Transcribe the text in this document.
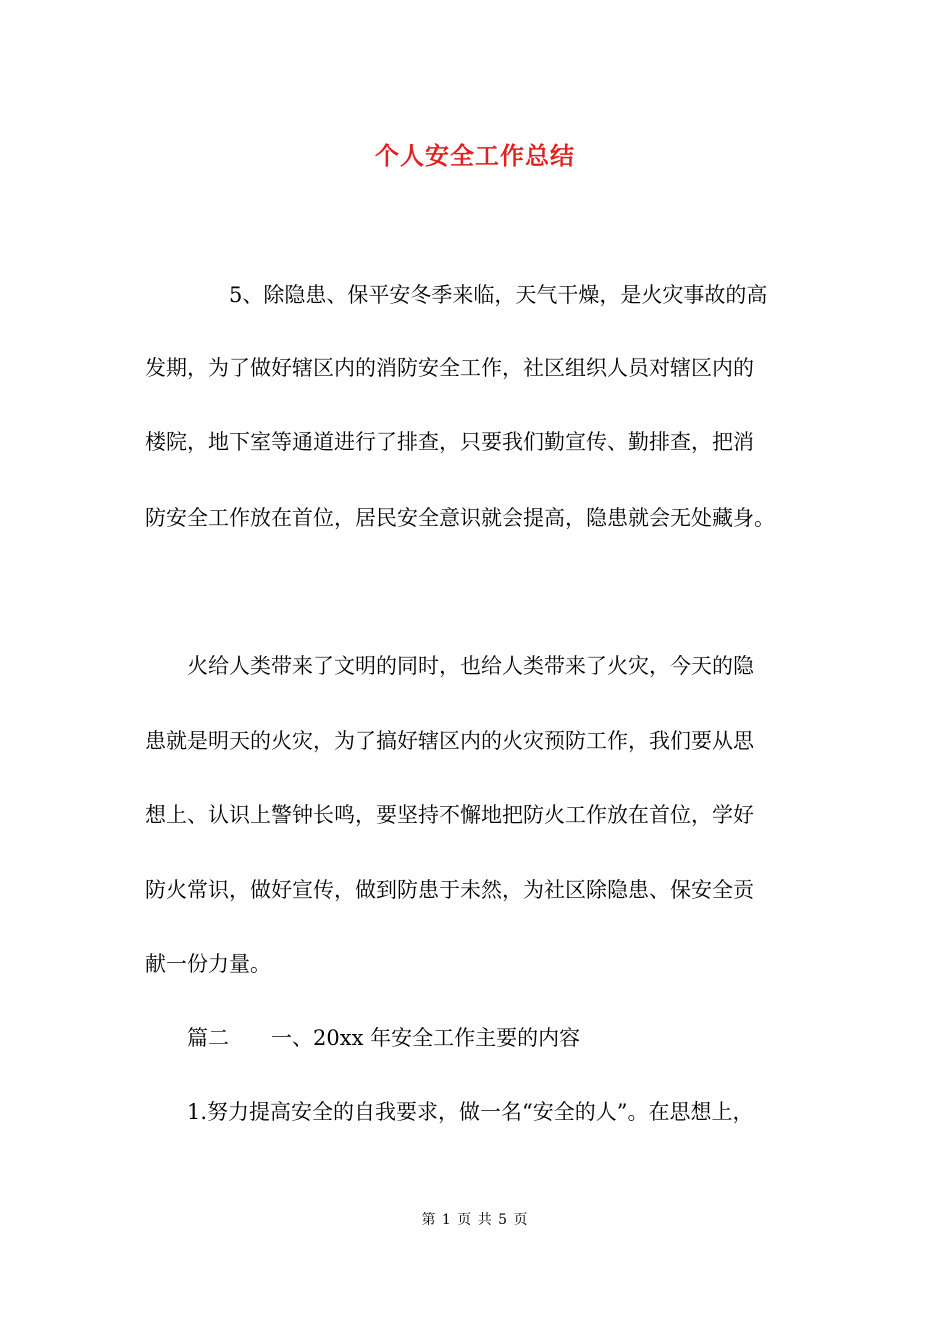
个人安全工作总结
　　　　5、除隐患、保平安冬季来临，天气干燥，是火灾事故的高
发期，为了做好辖区内的消防安全工作，社区组织人员对辖区内的
楼院，地下室等通道进行了排查，只要我们勤宣传、勤排查，把消
防安全工作放在首位，居民安全意识就会提高，隐患就会无处藏身。
　　火给人类带来了文明的同时，也给人类带来了火灾，今天的隐
患就是明天的火灾，为了搞好辖区内的火灾预防工作，我们要从思
想上、认识上警钟长鸣，要坚持不懈地把防火工作放在首位，学好
防火常识，做好宣传，做到防患于未然，为社区除隐患、保安全贡
献一份力量。
　　篇二　　一、20xx 年安全工作主要的内容
　　1.努力提高安全的自我要求，做一名“安全的人”。在思想上，
第 1 页 共 5 页
